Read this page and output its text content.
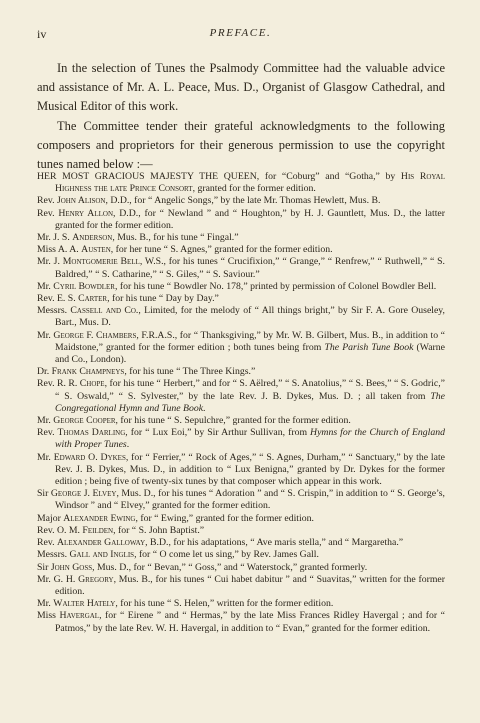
iv	PREFACE.

In the selection of Tunes the Psalmody Committee had the valuable advice and assistance of Mr. A. L. Peace, Mus. D., Organist of Glasgow Cathedral, and Musical Editor of this work.

The Committee tender their grateful acknowledgments to the following composers and proprietors for their generous permission to use the copyright tunes named below :—

HER MOST GRACIOUS MAJESTY THE QUEEN, for “Coburg” and “Gotha,” by His Royal Highness the late Prince Consort, granted for the former edition.

Rev. John Alison, D.D., for “ Angelic Songs,” by the late Mr. Thomas Hewlett, Mus. B.

Rev. Henry Allon, D.D., for “ Newland ” and “ Houghton,” by H. J. Gauntlett, Mus. D., the latter granted for the former edition.

Mr. J. S. Anderson, Mus. B., for his tune “ Fingal.”

Miss A. A. Austen, for her tune “ S. Agnes,” granted for the former edition.

Mr. J. Montgomerie Bell, W.S., for his tunes “ Crucifixion,” “ Grange,” “ Renfrew,” “ Ruthwell,” “ S. Baldred,” “ S. Catharine,” “ S. Giles,” “ S. Saviour.”

Mr. Cyril Bowdler, for his tune “ Bowdler No. 178,” printed by permission of Colonel Bowdler Bell.

Rev. E. S. Carter, for his tune “ Day by Day.”

Messrs. Cassell and Co., Limited, for the melody of “ All things bright,” by Sir F. A. Gore Ouseley, Bart., Mus. D.

Mr. George F. Chambers, F.R.A.S., for “ Thanksgiving,” by Mr. W. B. Gilbert, Mus. B., in addition to “ Maidstone,” granted for the former edition ; both tunes being from The Parish Tune Book (Warne and Co., London).

Dr. Frank Champneys, for his tune “ The Three Kings.”

Rev. R. R. Chope, for his tune “ Herbert,” and for “ S. Aëlred,” “ S. Anatolius,” “ S. Bees,” “ S. Godric,” “ S. Oswald,” “ S. Sylvester,” by the late Rev. J. B. Dykes, Mus. D. ; all taken from The Congregational Hymn and Tune Book.

Mr. George Cooper, for his tune “ S. Sepulchre,” granted for the former edition.

Rev. Thomas Darling, for “ Lux Eoi,” by Sir Arthur Sullivan, from Hymns for the Church of England with Proper Tunes.

Mr. Edward O. Dykes, for “ Ferrier,” “ Rock of Ages,” “ S. Agnes, Durham,” “ Sanctuary,” by the late Rev. J. B. Dykes, Mus. D., in addition to “ Lux Benigna,” granted by Dr. Dykes for the former edition ; being five of twenty-six tunes by that composer which appear in this work.

Sir George J. Elvey, Mus. D., for his tunes “ Adoration ” and “ S. Crispin,” in addition to “ S. George’s, Windsor ” and “ Elvey,” granted for the former edition.

Major Alexander Ewing, for “ Ewing,” granted for the former edition.

Rev. O. M. Feilden, for “ S. John Baptist.”

Rev. Alexander Galloway, B.D., for his adaptations, “ Ave maris stella,” and “ Margaretha.”

Messrs. Gall and Inglis, for “ O come let us sing,” by Rev. James Gall.

Sir John Goss, Mus. D., for “ Bevan,” “ Goss,” and “ Waterstock,” granted formerly.

Mr. G. H. Gregory, Mus. B., for his tunes “ Cui habet dabitur ” and “ Suavitas,” written for the former edition.

Mr. Walter Hately, for his tune “ S. Helen,” written for the former edition.

Miss Havergal, for “ Eirene ” and “ Hermas,” by the late Miss Frances Ridley Havergal ; and for “ Patmos,” by the late Rev. W. H. Havergal, in addition to “ Evan,” granted for the former edition.
